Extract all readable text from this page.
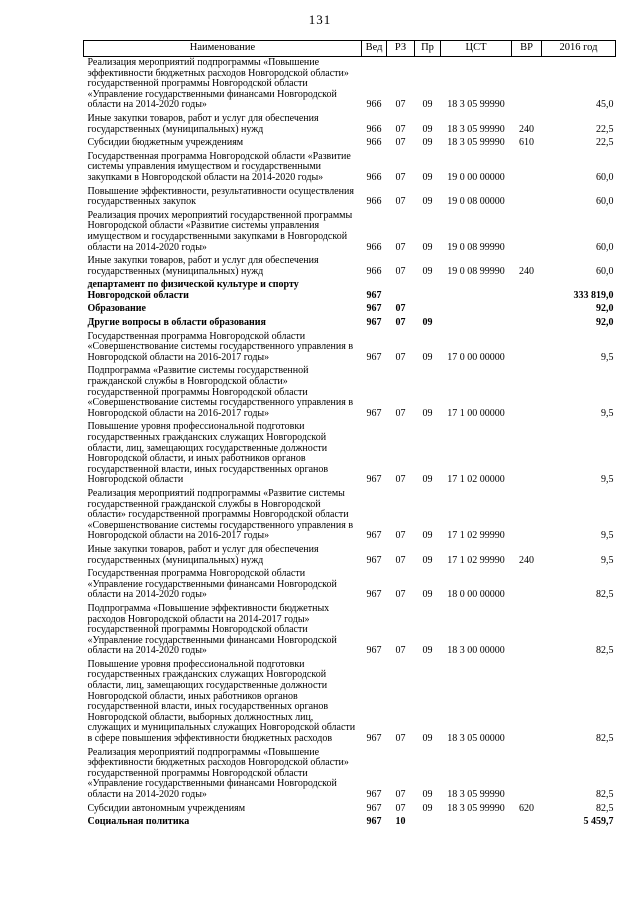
131
Наименование	Вед	РЗ	Пр	ЦСТ	ВР	2016 год
Реализация мероприятий подпрограммы «Повышение эффективности бюджетных расходов Новгородской области» государственной программы Новгородской области «Управление государственными финансами Новгородской области на 2014-2020 годы»	966	07	09	18 3 05 99990		45,0
Иные закупки товаров, работ и услуг для обеспечения государственных (муниципальных) нужд	966	07	09	18 3 05 99990	240	22,5
Субсидии бюджетным учреждениям	966	07	09	18 3 05 99990	610	22,5
Государственная программа Новгородской области «Развитие системы управления имуществом и государственными закупками в Новгородской области на 2014-2020 годы»	966	07	09	19 0 00 00000		60,0
Повышение эффективности, результативности осуществления государственных закупок	966	07	09	19 0 08 00000		60,0
Реализация прочих мероприятий государственной программы Новгородской области «Развитие системы управления имуществом и государственными закупками в Новгородской области на 2014-2020 годы»	966	07	09	19 0 08 99990		60,0
Иные закупки товаров, работ и услуг для обеспечения государственных (муниципальных) нужд	966	07	09	19 0 08 99990	240	60,0
департамент по физической культуре и спорту Новгородской области	967					333 819,0
Образование	967	07				92,0
Другие вопросы в области образования	967	07	09			92,0
Государственная программа Новгородской области «Совершенствование системы государственного управления в Новгородской области на 2016-2017 годы»	967	07	09	17 0 00 00000		9,5
Подпрограмма «Развитие системы государственной гражданской службы в Новгородской области» государственной программы Новгородской области «Совершенствование системы государственного управления в Новгородской области на 2016-2017 годы»	967	07	09	17 1 00 00000		9,5
Повышение уровня профессиональной подготовки государственных гражданских служащих Новгородской области, лиц, замещающих государственные должности Новгородской области, и иных работников органов государственной власти, иных государственных органов Новгородской области	967	07	09	17 1 02 00000		9,5
Реализация мероприятий подпрограммы «Развитие системы государственной гражданской службы в Новгородской области» государственной программы Новгородской области «Совершенствование системы государственного управления в Новгородской области на 2016-2017 годы»	967	07	09	17 1 02 99990		9,5
Иные закупки товаров, работ и услуг для обеспечения государственных (муниципальных) нужд	967	07	09	17 1 02 99990	240	9,5
Государственная программа Новгородской области «Управление государственными финансами Новгородской области на 2014-2020 годы»	967	07	09	18 0 00 00000		82,5
Подпрограмма «Повышение эффективности бюджетных расходов Новгородской области на 2014-2017 годы» государственной программы Новгородской области «Управление государственными финансами Новгородской области на 2014-2020 годы»	967	07	09	18 3 00 00000		82,5
Повышение уровня профессиональной подготовки государственных гражданских служащих Новгородской области, лиц, замещающих государственные должности Новгородской области, иных работников органов государственной власти, иных государственных органов Новгородской области, выборных должностных лиц, служащих и муниципальных служащих Новгородской области в сфере повышения эффективности бюджетных расходов	967	07	09	18 3 05 00000		82,5
Реализация мероприятий подпрограммы «Повышение эффективности бюджетных расходов Новгородской области» государственной программы Новгородской области «Управление государственными финансами Новгородской области на 2014-2020 годы»	967	07	09	18 3 05 99990		82,5
Субсидии автономным учреждениям	967	07	09	18 3 05 99990	620	82,5
Социальная политика	967	10				5 459,7
